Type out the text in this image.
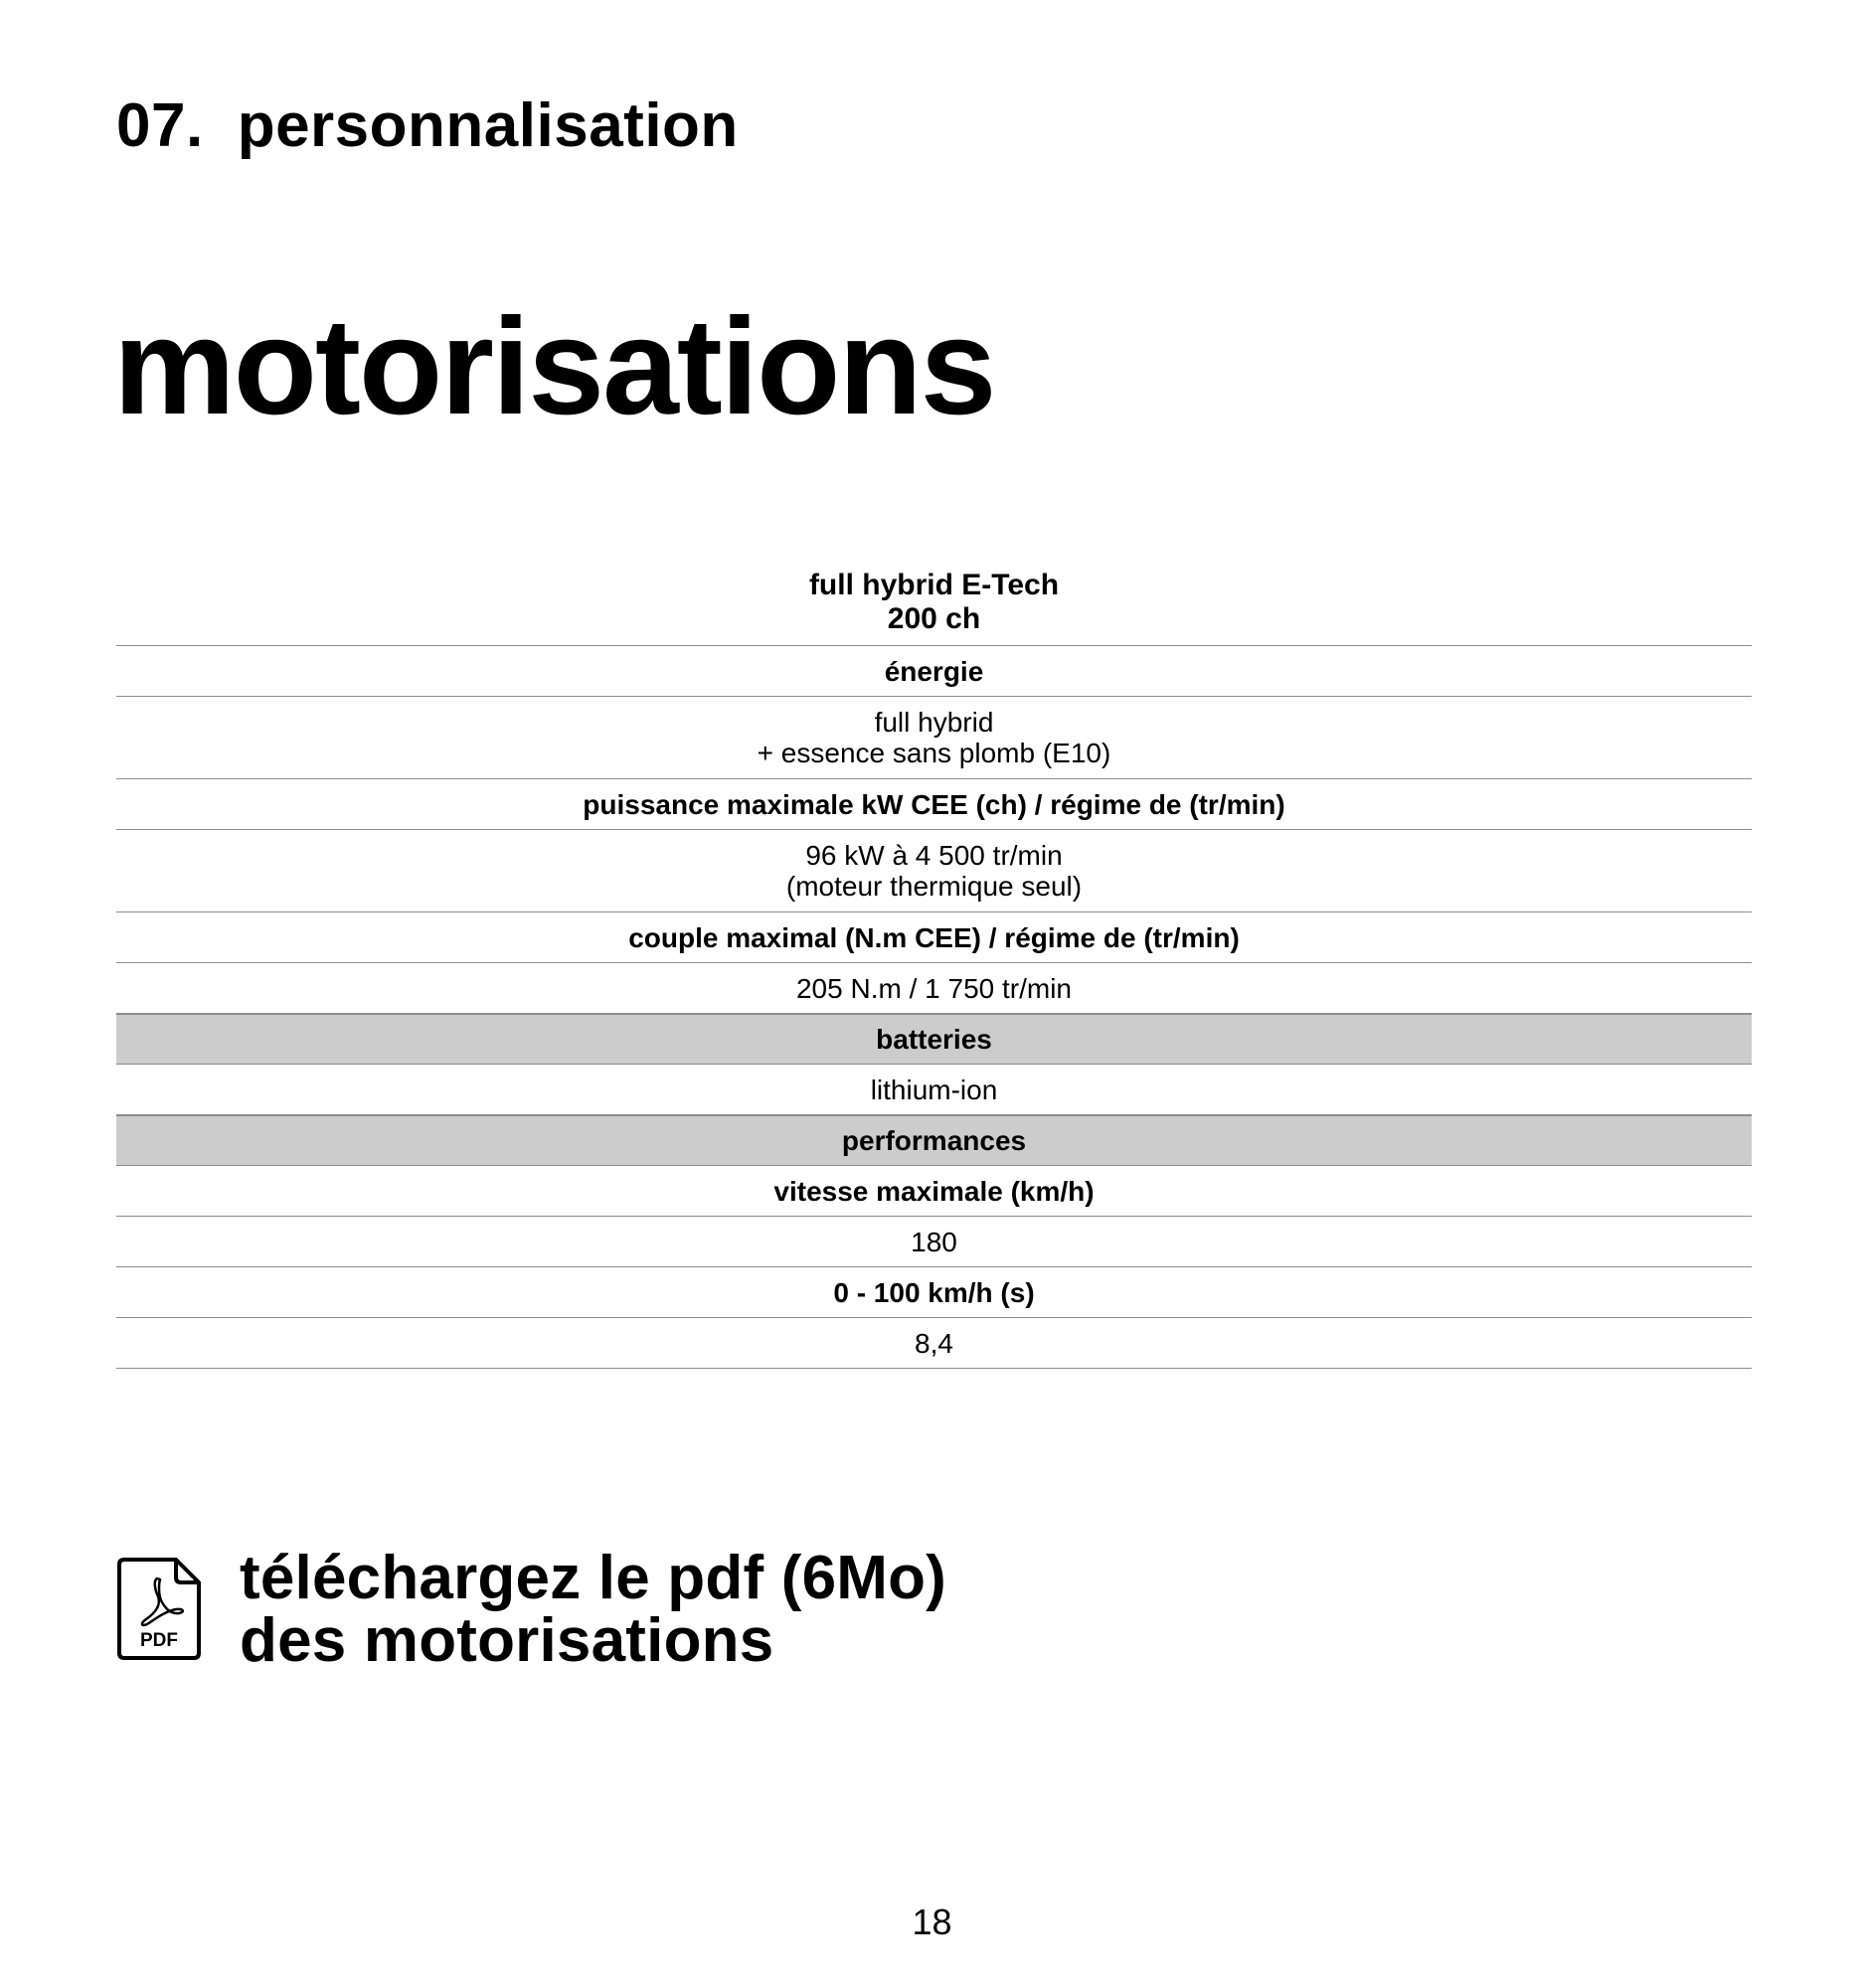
07. personnalisation
motorisations
full hybrid E-Tech
200 ch
énergie
full hybrid
+ essence sans plomb (E10)
puissance maximale kW CEE (ch) / régime de (tr/min)
96 kW à 4 500 tr/min
(moteur thermique seul)
couple maximal (N.m CEE) / régime de (tr/min)
205 N.m / 1 750 tr/min
batteries
lithium-ion
performances
vitesse maximale (km/h)
180
0 - 100 km/h (s)
8,4
PDF
téléchargez le pdf (6Mo)
des motorisations
18
